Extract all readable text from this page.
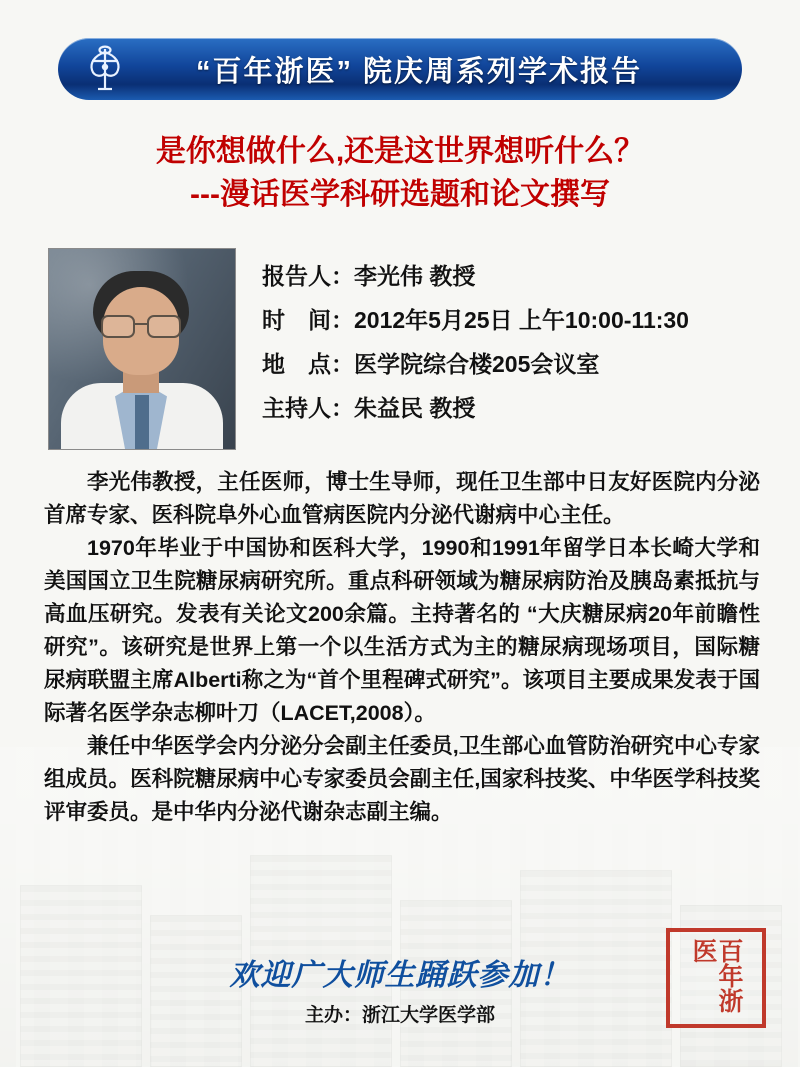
“百年浙医” 院庆周系列学术报告
是你想做什么,还是这世界想听什么？
---漫话医学科研选题和论文撰写
报告人：李光伟 教授
时　间：2012年5月25日 上午10:00-11:30
地　点：医学院综合楼205会议室
主持人：朱益民 教授

李光伟教授，主任医师，博士生导师，现任卫生部中日友好医院内分泌首席专家、医科院阜外心血管病医院内分泌代谢病中心主任。

1970年毕业于中国协和医科大学，1990和1991年留学日本长崎大学和美国国立卫生院糖尿病研究所。重点科研领域为糖尿病防治及胰岛素抵抗与高血压研究。发表有关论文200余篇。主持著名的 “大庆糖尿病20年前瞻性研究”。该研究是世界上第一个以生活方式为主的糖尿病现场项目，国际糖尿病联盟主席Alberti称之为“首个里程碑式研究”。该项目主要成果发表于国际著名医学杂志柳叶刀（LACET,2008）。

兼任中华医学会内分泌分会副主任委员,卫生部心血管防治研究中心专家组成员。医科院糖尿病中心专家委员会副主任,国家科技奖、中华医学科技奖评审委员。是中华内分泌代谢杂志副主编。

欢迎广大师生踊跃参加！
主办：浙江大学医学部
百年浙医
